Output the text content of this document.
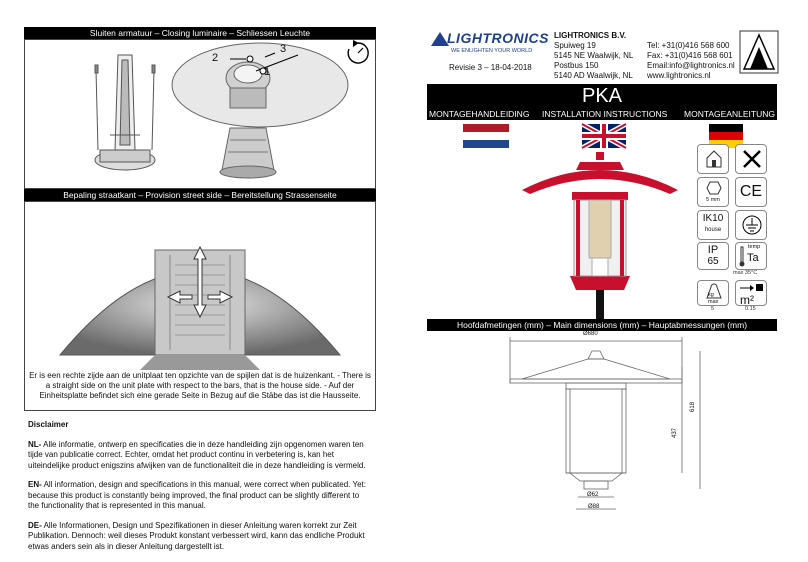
Sluiten armatuur – Closing luminaire – Schliessen Leuchte
1
2
3
Bepaling straatkant – Provision street side – Bereitstellung Strassenseite
Er is een rechte zijde aan de unitplaat ten opzichte van de spijlen dat is de huizenkant. - There is a straight side on the unit plate with respect to the bars, that is the house side. - Auf der Einheitsplatte befindet sich eine gerade Seite in Bezug auf die Stäbe das ist die Hausseite.

Disclaimer

NL- Alle informatie, ontwerp en specificaties die in deze handleiding zijn opgenomen waren ten tijde van publicatie correct. Echter, omdat het product continu in verbetering is, kan het uiteindelijke product enigszins afwijken van de functionaliteit die in deze handleiding is vermeld.

EN- All information, design and specifications in this manual, were correct when publicated. Yet: because this product is constantly being improved, the final product can be slightly different to the functionality that is represented in this manual.

DE- Alle Informationen, Design und Spezifikationen in dieser Anleitung waren korrekt zur Zeit Publikation. Dennoch: weil dieses Produkt konstant verbessert wird, kann das endliche Produkt etwas anders sein als in dieser Anleitung dargestellt ist.

LIGHTRONICS
WE ENLIGHTEN YOUR WORLD
Revisie 3 – 18-04-2018
LIGHTRONICS B.V.
Spuiweg 19
5145 NE Waalwijk, NL
Postbus 150
5140 AD Waalwijk, NL
Tel: +31(0)416 568 600
Fax: +31(0)416 568 601
Email:info@lightronics.nl
www.lightronics.nl
PKA
MONTAGEHANDLEIDING INSTALLATION INSTRUCTIONS MONTAGEANLEITUNG
5 mm	CE
IK10
house
IP
65
temp
Ta
max 35°C
kg
max
5
m²
0.15
Hoofdafmetingen (mm) – Main dimensions (mm) – Hauptabmessungen (mm)
Ø680
618
437
Ø62
Ø88
